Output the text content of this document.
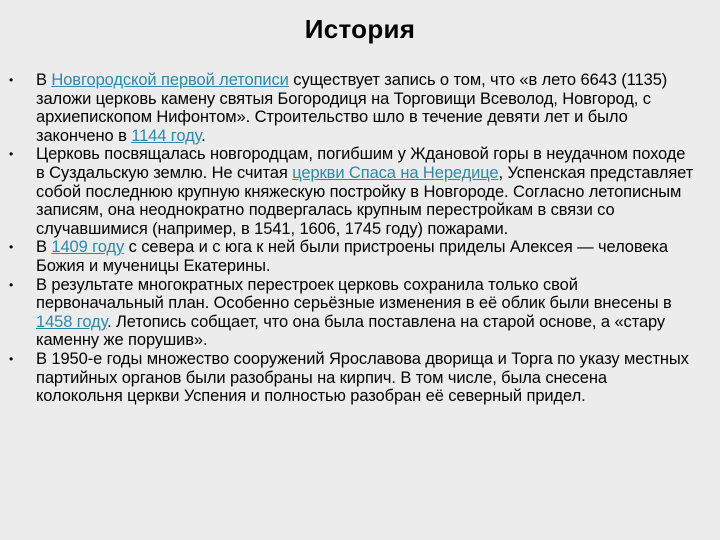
История
• В Новгородской первой летописи существует запись о том, что «в лето 6643 (1135) заложи церковь камену святыя Богородиця на Торговищи Всеволод, Новгород, с архиепископом Нифонтом». Строительство шло в течение девяти лет и было закончено в 1144 году.
• Церковь посвящалась новгородцам, погибшим у Ждановой горы в неудачном походе в Суздальскую землю. Не считая церкви Спаса на Нередице, Успенская представляет собой последнюю крупную княжескую постройку в Новгороде. Согласно летописным записям, она неоднократно подвергалась крупным перестройкам в связи со случавшимися (например, в 1541, 1606, 1745 году) пожарами.
• В 1409 году с севера и с юга к ней были пристроены приделы Алексея — человека Божия и мученицы Екатерины.
• В результате многократных перестроек церковь сохранила только свой первоначальный план. Особенно серьёзные изменения в её облик были внесены в 1458 году. Летопись собщает, что она была поставлена на старой основе, а «стару каменну же порушив».
• В 1950-е годы множество сооружений Ярославова дворища и Торга по указу местных партийных органов были разобраны на кирпич. В том числе, была снесена колокольня церкви Успения и полностью разобран её северный придел.
